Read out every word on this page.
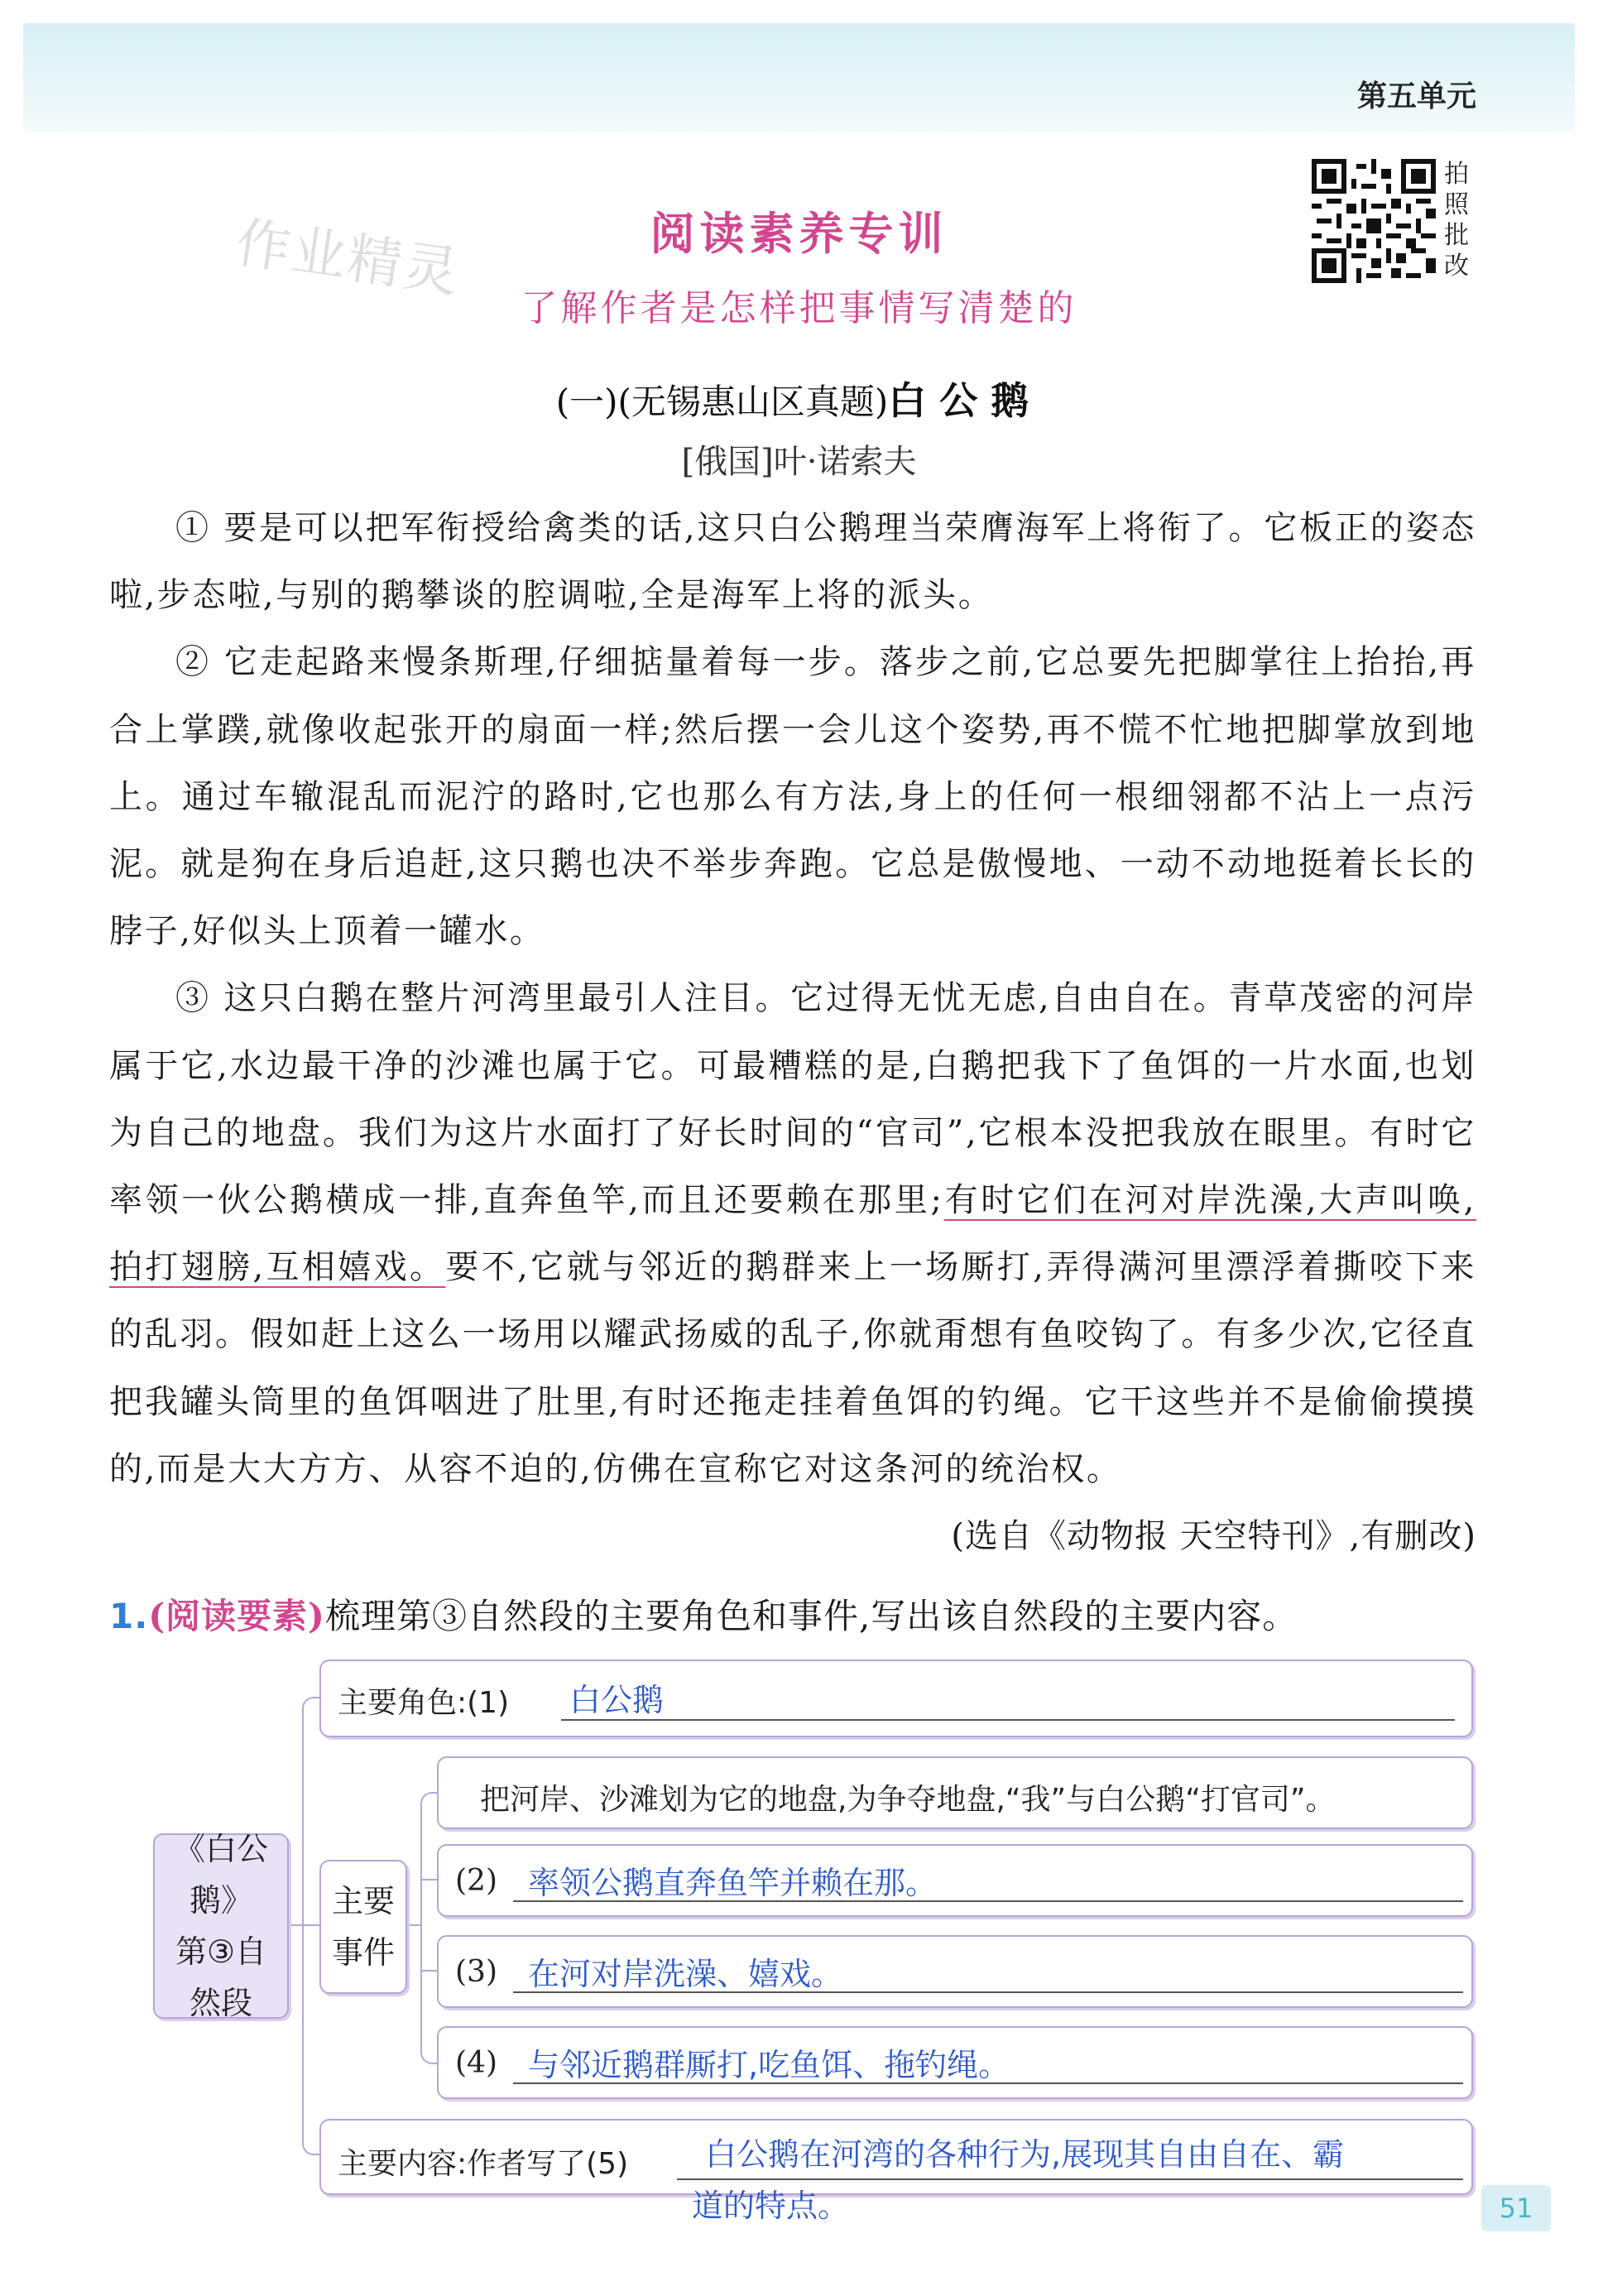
第五单元
拍
照
批
改
作业精灵	阅读素养专训
了解作者是怎样把事情写清楚的
(一)(无锡惠山区真题)白公鹅
[俄国]叶·诺索夫

① 要是可以把军衔授给禽类的话,这只白公鹅理当荣膺海军上将衔了。它板正的姿态啦,步态啦,与别的鹅攀谈的腔调啦,全是海军上将的派头。

② 它走起路来慢条斯理,仔细掂量着每一步。落步之前,它总要先把脚掌往上抬抬,再合上掌蹼,就像收起张开的扇面一样;然后摆一会儿这个姿势,再不慌不忙地把脚掌放到地上。通过车辙混乱而泥泞的路时,它也那么有方法,身上的任何一根细翎都不沾上一点污泥。就是狗在身后追赶,这只鹅也决不举步奔跑。它总是傲慢地、一动不动地挺着长长的脖子,好似头上顶着一罐水。

③ 这只白鹅在整片河湾里最引人注目。它过得无忧无虑,自由自在。青草茂密的河岸属于它,水边最干净的沙滩也属于它。可最糟糕的是,白鹅把我下了鱼饵的一片水面,也划为自己的地盘。我们为这片水面打了好长时间的“官司”,它根本没把我放在眼里。有时它率领一伙公鹅横成一排,直奔鱼竿,而且还要赖在那里;有时它们在河对岸洗澡,大声叫唤,拍打翅膀,互相嬉戏。要不,它就与邻近的鹅群来上一场厮打,弄得满河里漂浮着撕咬下来的乱羽。假如赶上这么一场用以耀武扬威的乱子,你就甭想有鱼咬钩了。有多少次,它径直把我罐头筒里的鱼饵咽进了肚里,有时还拖走挂着鱼饵的钓绳。它干这些并不是偷偷摸摸的,而是大大方方、从容不迫的,仿佛在宣称它对这条河的统治权。
(选自《动物报 天空特刊》,有删改)

1.(阅读要素)梳理第③自然段的主要角色和事件,写出该自然段的主要内容。
《白公鹅》
第③自
然段
主要角色:(1) 白公鹅
主要
事件
把河岸、沙滩划为它的地盘,为争夺地盘,“我”与白公鹅“打官司”。
(2) 率领公鹅直奔鱼竿并赖在那。
(3) 在河对岸洗澡、嬉戏。
(4) 与邻近鹅群厮打,吃鱼饵、拖钓绳。
主要内容:作者写了(5) 白公鹅在河湾的各种行为,展现其自由自在、霸
道的特点。	51
